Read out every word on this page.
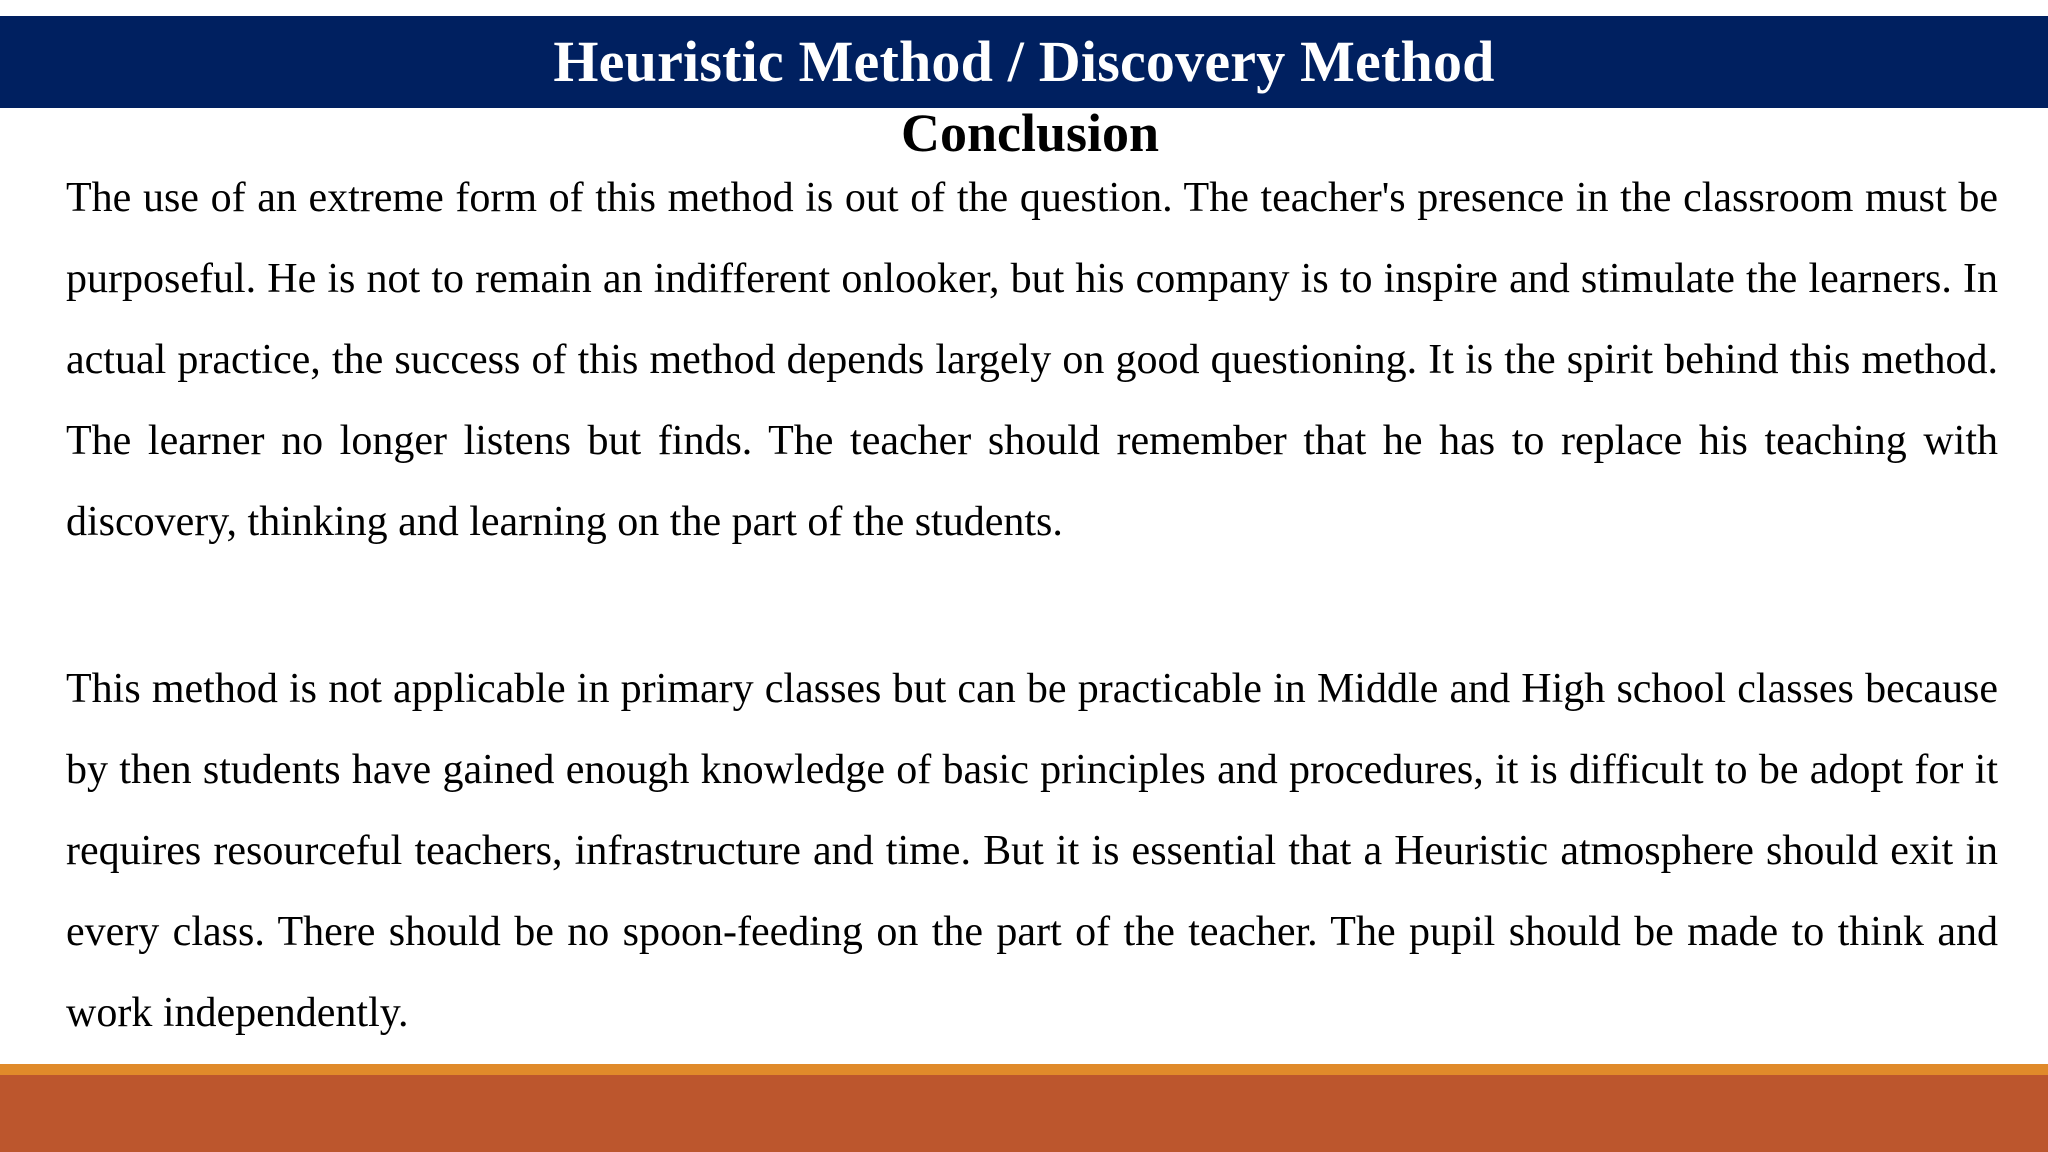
Heuristic Method / Discovery Method
Conclusion

The use of an extreme form of this method is out of the question. The teacher's presence in the classroom must be purposeful. He is not to remain an indifferent onlooker, but his company is to inspire and stimulate the learners. In actual practice, the success of this method depends largely on good questioning. It is the spirit behind this method. The learner no longer listens but finds. The teacher should remember that he has to replace his teaching with discovery, thinking and learning on the part of the students.

This method is not applicable in primary classes but can be practicable in Middle and High school classes because by then students have gained enough knowledge of basic principles and procedures, it is difficult to be adopt for it requires resourceful teachers, infrastructure and time. But it is essential that a Heuristic atmosphere should exit in every class. There should be no spoon-feeding on the part of the teacher. The pupil should be made to think and work independently.
